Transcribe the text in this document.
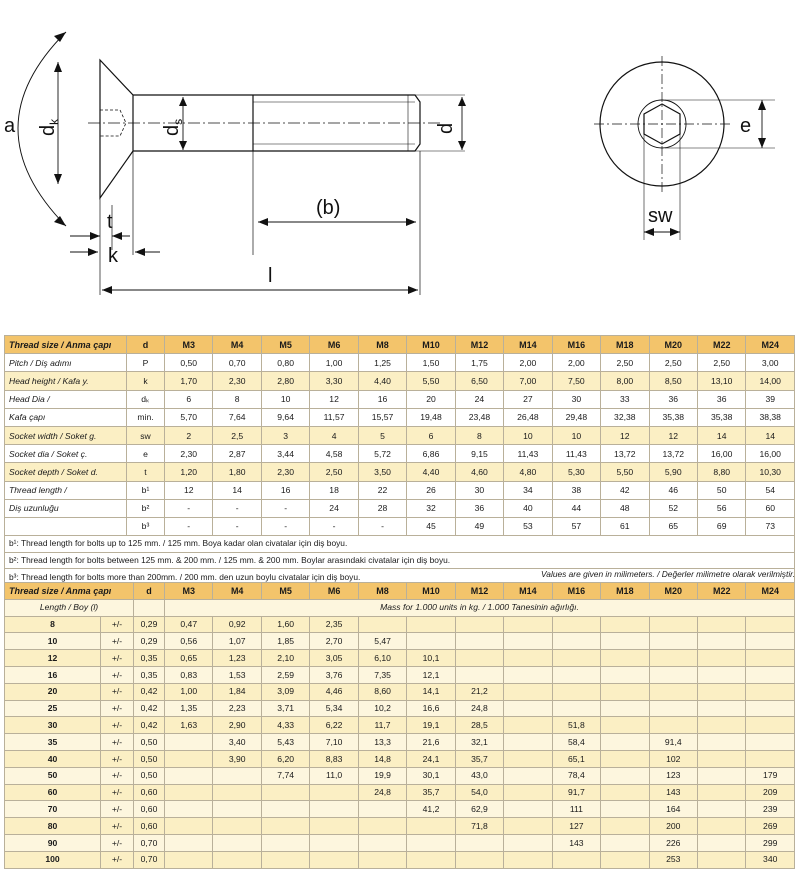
a $d_k$
$d_s$
d
(b)
t
k
l
e
sw
Thread size / Anma çapı	d	M3	M4	M5	M6	M8	M10	M12	M14	M16	M18	M20	M22	M24
Pitch / Diş adımı	P	0,50	0,70	0,80	1,00	1,25	1,50	1,75	2,00	2,00	2,50	2,50	2,50	3,00
Head height / Kafa y.	k	1,70	2,30	2,80	3,30	4,40	5,50	6,50	7,00	7,50	8,00	8,50	13,10	14,00
Head Dia /	dₖ	6	8	10	12	16	20	24	27	30	33	36	36	39
Kafa çapı	min.	5,70	7,64	9,64	11,57	15,57	19,48	23,48	26,48	29,48	32,38	35,38	35,38	38,38
Socket width / Soket g.	sw	2	2,5	3	4	5	6	8	10	10	12	12	14	14
Socket dia / Soket ç.	e	2,30	2,87	3,44	4,58	5,72	6,86	9,15	11,43	11,43	13,72	13,72	16,00	16,00
Socket depth / Soket d.	t	1,20	1,80	2,30	2,50	3,50	4,40	4,60	4,80	5,30	5,50	5,90	8,80	10,30
Thread length /	b¹	12	14	16	18	22	26	30	34	38	42	46	50	54
Diş uzunluğu	b²	-	-	-	24	28	32	36	40	44	48	52	56	60
	b³	-	-	-	-	-	45	49	53	57	61	65	69	73
b¹: Thread length for bolts up to 125 mm. / 125 mm. Boya kadar olan civatalar için diş boyu.														
b²: Thread length for bolts between 125 mm. & 200 mm. / 125 mm. & 200 mm. Boylar arasındaki civatalar için diş boyu.														
b³: Thread length for bolts more than 200mm. / 200 mm. den uzun boylu civatalar için diş boyu.															Values are given in milimeters. / Değerler milimetre olarak verilmiştir.
Thread size / Anma çapı		d	M3	M4	M5	M6	M8	M10	M12	M14	M16	M18	M20	M22	M24
Length / Boy (l)			Mass for 1.000 units in kg. / 1.000 Tanesinin ağırlığı.												
8	+/-	0,29	0,47	0,92	1,60	2,35									
10	+/-	0,29	0,56	1,07	1,85	2,70	5,47								
12	+/-	0,35	0,65	1,23	2,10	3,05	6,10	10,1							
16	+/-	0,35	0,83	1,53	2,59	3,76	7,35	12,1							
20	+/-	0,42	1,00	1,84	3,09	4,46	8,60	14,1	21,2						
25	+/-	0,42	1,35	2,23	3,71	5,34	10,2	16,6	24,8						
30	+/-	0,42	1,63	2,90	4,33	6,22	11,7	19,1	28,5		51,8				
35	+/-	0,50		3,40	5,43	7,10	13,3	21,6	32,1		58,4		91,4		
40	+/-	0,50		3,90	6,20	8,83	14,8	24,1	35,7		65,1		102		
50	+/-	0,50			7,74	11,0	19,9	30,1	43,0		78,4		123		179
60	+/-	0,60					24,8	35,7	54,0		91,7		143		209
70	+/-	0,60						41,2	62,9		111		164		239
80	+/-	0,60							71,8		127		200		269
90	+/-	0,70									143		226		299
100	+/-	0,70											253		340
